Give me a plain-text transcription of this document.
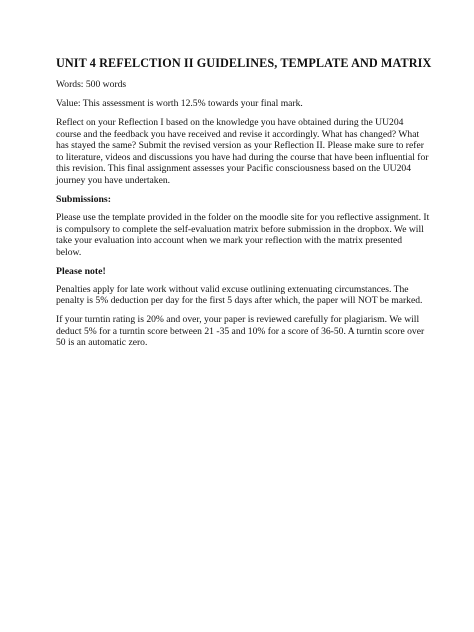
UNIT 4 REFELCTION II GUIDELINES, TEMPLATE AND MATRIX
Words: 500 words
Value: This assessment is worth 12.5% towards your final mark.
Reflect on your Reflection I based on the knowledge you have obtained during the UU204
course and the feedback you have received and revise it accordingly. What has changed? What
has stayed the same? Submit the revised version as your Reflection II. Please make sure to refer
to literature, videos and discussions you have had during the course that have been influential for
this revision. This final assignment assesses your Pacific consciousness based on the UU204
journey you have undertaken.
Submissions:
Please use the template provided in the folder on the moodle site for you reflective assignment. It
is compulsory to complete the self-evaluation matrix before submission in the dropbox. We will
take your evaluation into account when we mark your reflection with the matrix presented
below.
Please note!
Penalties apply for late work without valid excuse outlining extenuating circumstances. The
penalty is 5% deduction per day for the first 5 days after which, the paper will NOT be marked.
If your turntin rating is 20% and over, your paper is reviewed carefully for plagiarism. We will
deduct 5% for a turntin score between 21 -35 and 10% for a score of 36-50. A turntin score over
50 is an automatic zero.
